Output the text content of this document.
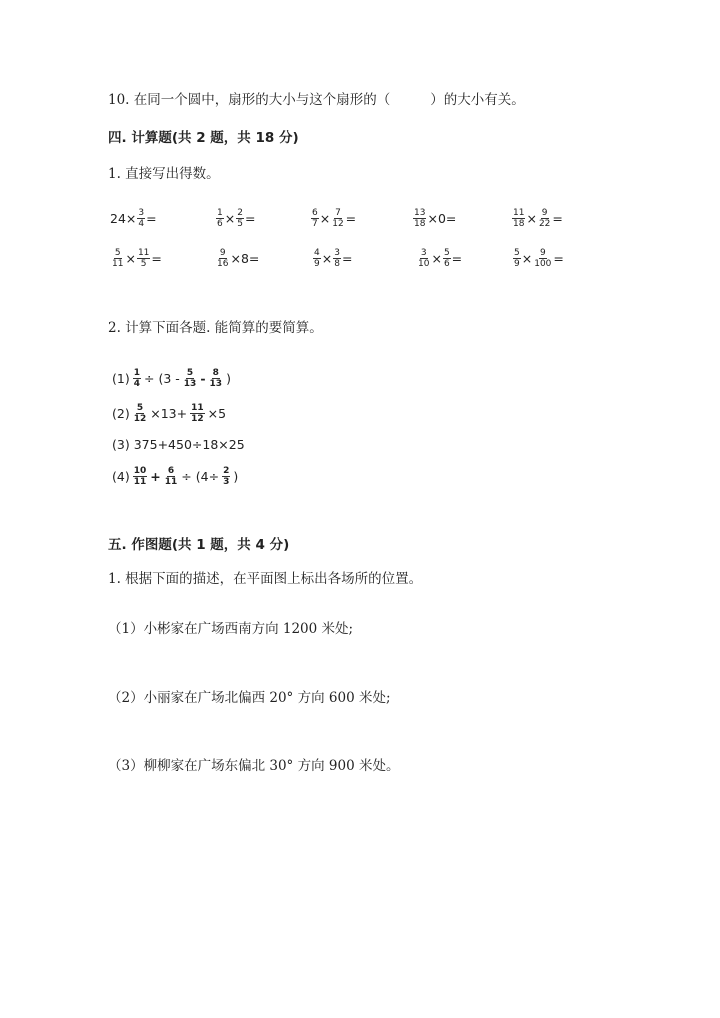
10. 在同一个圆中，扇形的大小与这个扇形的（	）的大小有关。
四. 计算题(共 2 题，共 18 分)
1. 直接写出得数。
$24 \times \frac{3}{4}$ =	$\frac{1}{6} \times \frac{2}{5}$ =	$\frac{6}{7} \times \frac{7}{12}$ =	$\frac{13}{18} \times 0$ =	$\frac{11}{18} \times \frac{9}{22}$ =
$\frac{5}{11} \times \frac{11}{5}$ =	$\frac{9}{16} \times 8$ =	$\frac{4}{9} \times \frac{3}{8}$ =	$\frac{3}{10} \times \frac{5}{6}$ =	$\frac{5}{9} \times \frac{9}{100}$ =
2. 计算下面各题. 能简算的要简算。
$(1) \frac{1}{4} \div (3 - \frac{5}{13} - \frac{8}{13}$ )
$(2) \frac{5}{12} \times 13+ \frac{11}{12} \times 5$
(3) 375+450÷18×25
$(4) \frac{10}{11} + \frac{6}{11} \div (4\div \frac{2}{3}$ )
五. 作图题(共 1 题，共 4 分)
1. 根据下面的描述，在平面图上标出各场所的位置。
（1）小彬家在广场西南方向 1200 米处;
（2）小丽家在广场北偏西 20° 方向 600 米处;
（3）柳柳家在广场东偏北 30° 方向 900 米处。
